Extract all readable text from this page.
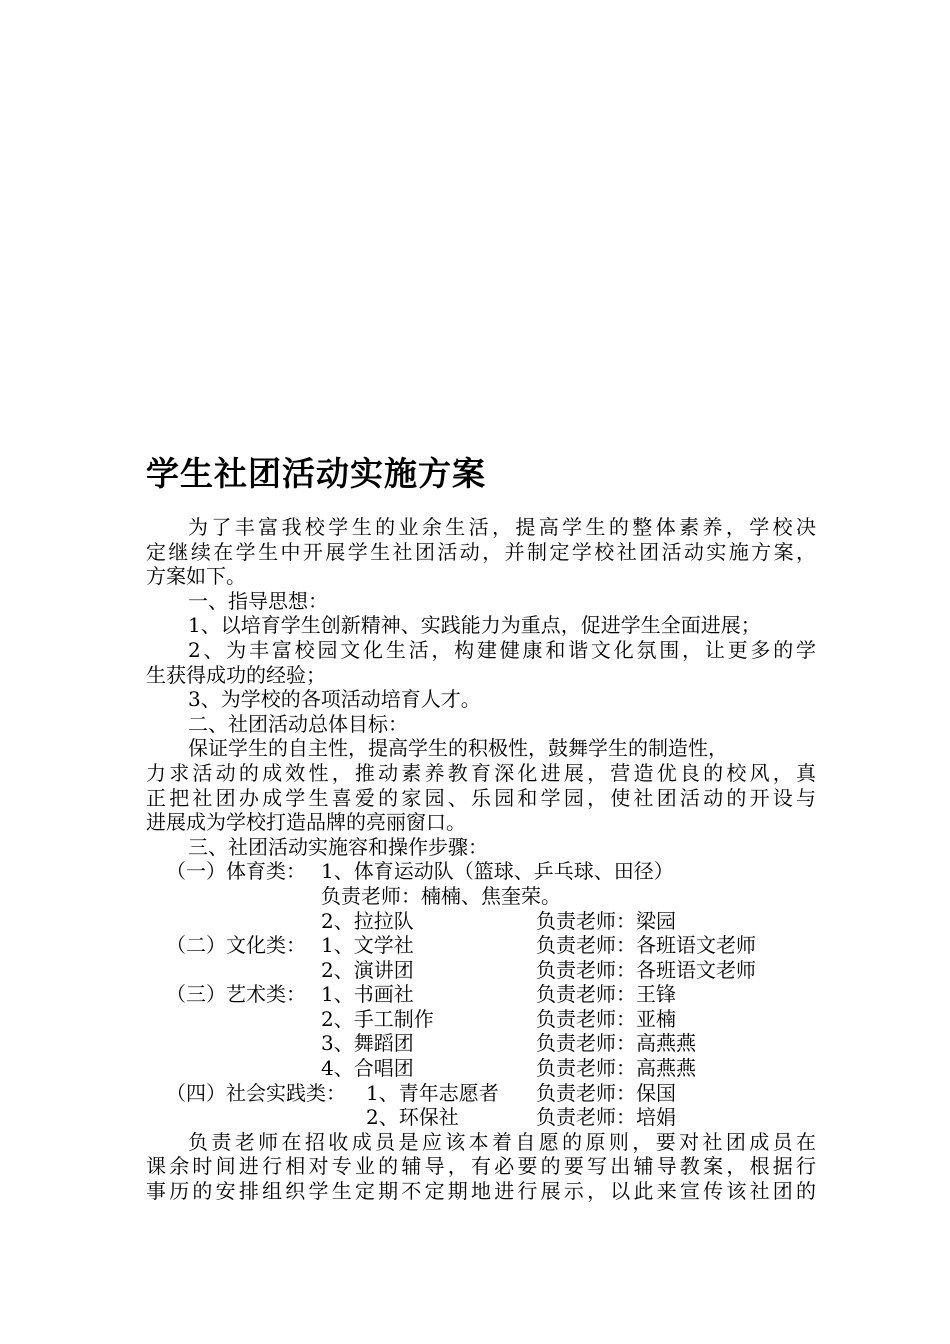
学生社团活动实施方案
为了丰富我校学生的业余生活，提高学生的整体素养，学校决
定继续在学生中开展学生社团活动，并制定学校社团活动实施方案，
方案如下。
一、指导思想：
1、以培育学生创新精神、实践能力为重点，促进学生全面进展；
2、为丰富校园文化生活，构建健康和谐文化氛围，让更多的学
生获得成功的经验；
3、为学校的各项活动培育人才。
二、社团活动总体目标：
保证学生的自主性，提高学生的积极性，鼓舞学生的制造性，
力求活动的成效性，推动素养教育深化进展，营造优良的校风，真
正把社团办成学生喜爱的家园、乐园和学园，使社团活动的开设与
进展成为学校打造品牌的亮丽窗口。
三、社团活动实施容和操作步骤：
（一）体育类： 1、体育运动队（篮球、乒乓球、田径）
负责老师：楠楠、焦奎荣。
2、拉拉队	负责老师：梁园
（二）文化类： 1、文学社	负责老师：各班语文老师
2、演讲团	负责老师：各班语文老师
（三）艺术类： 1、书画社	负责老师：王锋
2、手工制作	负责老师：亚楠
3、舞蹈团	负责老师：高燕燕
4、合唱团	负责老师：高燕燕
（四）社会实践类： 1、青年志愿者 负责老师：保国
2、环保社	负责老师：培娟
负责老师在招收成员是应该本着自愿的原则，要对社团成员在
课余时间进行相对专业的辅导，有必要的要写出辅导教案，根据行
事历的安排组织学生定期不定期地进行展示，以此来宣传该社团的
